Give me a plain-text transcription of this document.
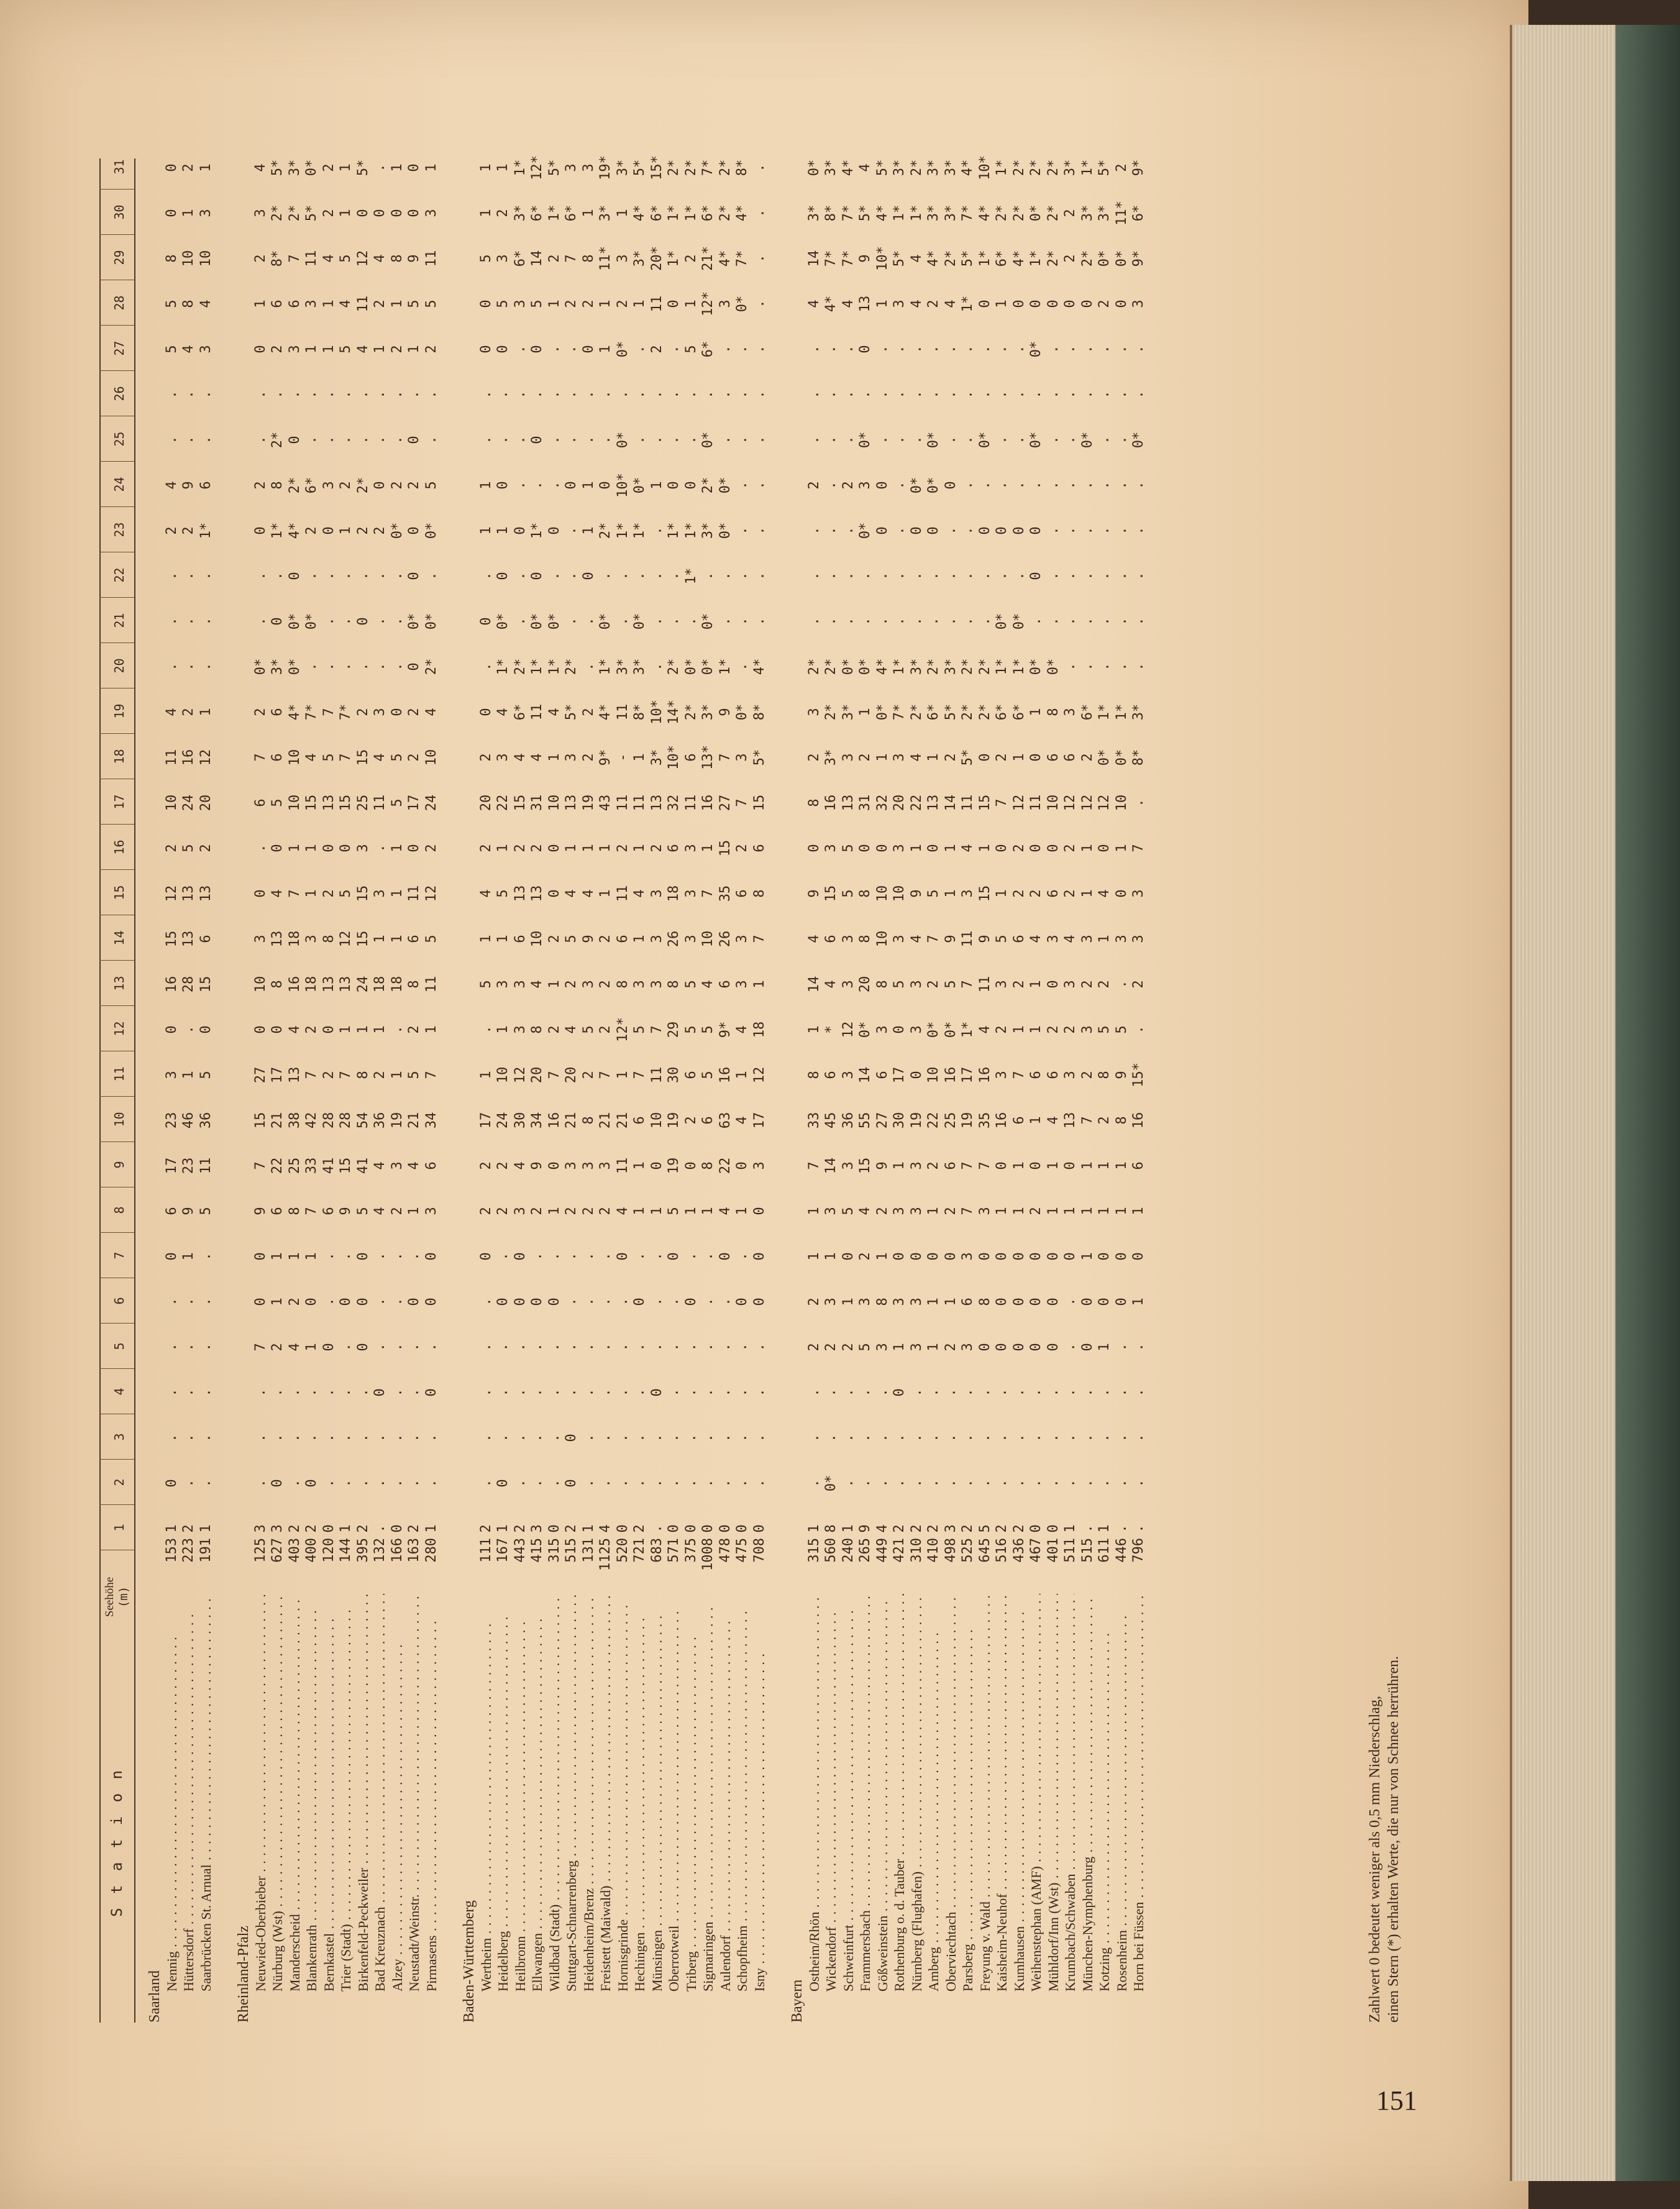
S t a t i o n
Seehöhe (m)
1
2
3
4
5
6
7
8
9
10
11
12
13
14
15
16
17
18
19
20
21
22
23
24
25
26
27
28
29
30
31
Saarland Nennig . . .
153
1
0
.
.
.
.
0
6
17
23
3
0
16
15
12
2
10
11
4
.
.
.
2
4
.
.
5
5
8
0
0
Hüttersdorf . . .
223
2
.
.
.
.
.
1
9
23
46
1
.
28
13
13
5
24
16
2
.
.
.
2
9
.
.
4
8
10
1
2
Saarbrücken St. Arnual . . .
191
1
.
.
.
.
.
.
5
11
36
5
0
15
6
13
2
20
12
1
.
.
.
1*
6
.
.
3
4
10
3
1
Rheinland-Pfalz Neuwied-Oberbieber . . .
125
3
.
.
.
7
0
0
9
7
15
27
0
10
3
0
.
6
7
2
0*
.
.
0
2
.
.
0
1
2
3
4
Nürburg (Wst) . . .
627
3
0
.
.
2
1
1
6
22
21
17
0
8
13
4
0
5
6
6
3*
0
.
1*
8
2*
.
2
6
8*
2*
5*
Manderscheid . . .
403
2
.
.
.
4
2
1
8
25
38
13
4
16
18
7
1
10
10
4*
0*
0*
0
4*
2*
0
.
3
6
7
2*
3*
Blankenrath . . .
400
2
0
.
.
1
0
1
7
33
42
7
2
18
3
1
1
15
4
7*
.
0*
.
2
6*
.
.
1
3
11
5*
0*
Bernkastel . . .
120
0
.
.
.
0
.
.
6
41
28
2
0
13
8
2
0
13
5
7
.
.
.
0
3
.
.
1
1
4
2
2
Trier (Stadt) . . .
144
1
.
.
.
.
0
.
9
15
28
7
1
13
12
5
0
15
7
7*
.
.
.
1
2
.
.
5
4
5
1
1
Birkenfeld-Peckweiler . . .
395
2
.
.
.
0
0
0
5
41
54
8
1
24
15
15
3
25
15
2
.
0
.
2
2*
.
.
4
11
12
0
5*
Bad Kreuznach . . .
132
.
.
.
0
.
.
.
4
4
36
2
1
18
1
3
.
11
4
3
.
.
.
2
0
.
.
1
2
4
0
.
Alzey . . .
166
0
.
.
.
.
.
.
2
3
19
1
.
18
1
1
1
5
5
0
.
.
.
0*
2
.
.
2
1
8
0
1
Neustadt/Weinstr. . . .
163
2
.
.
.
.
0
.
1
4
21
5
2
8
6
11
0
17
2
2
0
0*
0
0
2
0
.
1
5
9
0
0
Pirmasens . . .
280
1
.
.
0
.
0
0
3
6
34
7
1
11
5
12
2
24
10
4
2*
0*
.
0*
5
.
.
2
5
11
3
1
Baden-Württemberg Wertheim . . .
111
2
.
.
.
.
.
0
2
2
17
1
.
5
1
4
2
20
2
0
.
0
.
1
1
.
.
0
0
5
1
1
Heidelberg . . .
167
1
0
.
.
.
0
.
2
2
24
10
1
3
1
5
1
22
3
4
1*
0*
0
1
0
.
.
0
5
3
2
1
Heilbronn . . .
443
2
.
.
.
.
0
0
3
4
30
12
3
3
6
13
2
15
4
6*
2*
.
.
0
.
.
.
.
3
6*
3*
1*
Ellwangen . . .
415
3
.
.
.
.
0
.
2
9
34
20
8
4
10
13
2
31
4
11
1*
0*
0
1*
.
0
.
0
5
14
6*
12*
Wildbad (Stadt) . . .
315
0
.
.
.
.
0
.
1
0
16
7
2
1
2
0
0
10
1
4
1*
0*
.
0
.
.
.
.
1
2
1*
5*
Stuttgart-Schnarrenberg . . .
515
2
0
0
.
.
.
.
2
3
21
20
4
2
5
4
1
13
3
5*
2*
.
.
.
0
.
.
.
2
7
6*
3
Heidenheim/Brenz . . .
131
1
.
.
.
.
.
.
2
3
8
2
5
3
9
4
1
19
2
2
.
.
0
1
1
.
.
0
2
8
1
3
Freistett (Maiwald) . . .
1125
4
.
.
.
.
.
.
2
3
21
7
2
2
2
1
1
43
9*
4*
1*
0*
.
2*
0
.
.
1
1
11*
3*
19*
Hornisgrinde . . .
520
0
.
.
.
.
.
0
4
11
21
1
12*
8
6
11
2
11
-
11
3*
.
.
1*
10*
0*
.
0*
2
3
1
3*
Hechingen . . .
721
2
.
.
.
.
0
.
1
1
6
7
5
3
1
4
1
11
1
8*
3*
0*
.
1*
0*
.
.
.
1
3*
4*
5*
Münsingen . . .
683
.
.
.
0
.
.
.
1
0
10
11
7
3
3
3
2
13
3*
10*
.
.
.
.
1
.
.
2
11
20*
6*
15*
Oberrotweil . . .
571
0
.
.
.
.
.
0
5
19
19
30
29
8
26
18
6
32
10*
14*
2*
.
.
1*
0
.
.
.
0
1*
1*
2*
Triberg . . .
375
0
.
.
.
.
0
.
1
0
2
6
5
5
3
3
3
11
6
2*
0*
.
1*
1*
0
.
.
5
1
2
1*
2*
Sigmaringen . . .
1008
0
.
.
.
.
.
.
1
8
6
5
5
4
10
7
1
16
13*
3*
0*
0*
.
3*
2*
0*
.
6*
12*
21*
6*
7*
Aulendorf . . .
478
0
.
.
.
.
.
0
4
22
63
16
9*
6
26
35
15
27
7
9
1*
.
.
0*
0*
.
.
.
3
4*
2*
2*
Schopfheim . . .
475
0
.
.
.
.
0
.
1
0
4
1
4
3
3
6
2
7
3
0*
.
.
.
.
.
.
.
.
0*
7*
4*
8*
Isny . . .
708
0
.
.
.
.
0
0
0
3
17
12
18
1
7
8
6
15
5*
8*
4*
.
.
.
.
.
.
.
.
.
.
.
Bayern
Ostheim/Rhön . . .
315
1
.
.
.
2
2
1
1
7
33
8
1
14
4
9
0
8
2
3
2*
.
.
.
2
.
.
.
4
14
3*
0*
Wickendorf . . .
560
8
0*
.
.
2
3
1
3
14
45
6
*
4
6
15
3
16
3*
2*
2*
.
.
.
.
.
.
.
4*
7*
8*
3*
Schweinfurt . . .
240
1
.
.
.
2
1
0
5
3
36
3
12
3
3
5
5
13
3
3*
0*
.
.
.
2
.
.
.
4
7*
7*
4*
Frammersbach . . .
265
9
.
.
.
5
3
2
4
15
55
14
0*
20
8
8
0
31
2
1
0*
.
.
0*
3
0*
.
0
13
9
5*
4
Gößweinstein . . .
449
4
.
.
.
3
8
1
2
9
27
6
3
8
10
10
0
32
1
0*
4*
.
.
0
0
.
.
.
1
10*
4*
5*
Rothenburg o. d. Tauber . . .
421
2
.
.
0
1
3
0
3
1
30
17
0
5
3
10
3
20
3
7*
1*
.
.
.
.
.
.
.
3
5*
1*
3*
Nürnberg (Flughafen) . . .
310
2
.
.
.
3
3
0
3
3
19
0
3
3
4
9
1
22
4
2*
3*
.
.
0
0*
.
.
.
4
4
1*
2*
Amberg . . .
410
2
.
.
.
1
1
0
1
2
22
10
0*
2
7
5
0
13
1
6*
2*
.
.
0
0*
0*
.
.
2
4*
3*
3*
Oberviechtach . . .
498
3
.
.
.
2
1
0
2
6
25
16
0*
5
9
1
1
14
2
5*
3*
.
.
.
0
.
.
.
4
2*
3*
3*
Parsberg . . .
525
2
.
.
.
3
6
3
7
7
19
17
1*
7
11
3
4
11
5*
2*
2*
.
.
.
.
.
.
.
1*
5*
7*
4*
Freyung v. Wald . . .
645
5
.
.
.
0
8
0
3
7
35
16
4
11
9
15
1
15
0
2*
2*
.
.
0
.
0*
.
.
0
1*
4*
10*
Kaisheim-Neuhof . . .
516
2
.
.
.
0
0
0
1
0
16
3
2
3
5
1
0
7
2
6*
1*
0*
.
0
.
.
.
.
1
6*
2*
1*
Kumhausen . . .
436
2
.
.
.
0
0
0
1
1
6
7
1
2
6
2
2
12
1
6*
1*
0*
.
0
.
.
.
.
0
4*
2*
2*
Weihenstephan (AMF) . . .
467
0
.
.
.
0
0
0
2
0
1
6
1
1
4
2
0
11
0
1
0*
.
0
0
.
0*
.
0*
0
1*
0*
2*
Mühldorf/Inn (Wst) . . .
401
0
.
.
.
0
0
0
1
1
4
6
2
0
3
6
0
10
6
8
0*
.
.
.
.
.
.
.
0
2*
2*
2*
Krumbach/Schwaben . . .
511
1
.
.
.
.
.
0
1
0
13
3
2
3
4
2
2
12
6
3
.
.
.
.
.
.
.
.
0
2
2
3*
München-Nymphenburg . . .
515
.
.
.
.
0
0
1
1
1
7
2
3
2
3
1
1
12
2
6*
.
.
.
.
.
0*
.
.
0
2*
3*
1*
Kotzing . . .
611
1
.
.
.
1
0
0
1
1
2
8
5
2
1
4
0
12
0*
1*
.
.
.
.
.
.
.
.
2
0*
3*
5*
Rosenheim . . .
446
.
.
.
.
.
0
0
1
1
8
9
5
.
3
0
1
10
0*
1*
.
.
.
.
.
.
.
.
0
0*
11*
2
Horn bei Füssen . . .
796
.
.
.
.
.
1
0
1
6
16
15*
.
2
3
3
7
.
8*
3*
.
.
.
.
.
0*
.
.
3
9*
6*
9*
Zahlwert 0 bedeutet weniger als 0,5 mm Niederschlag, einen Stern (*) erhalten Werte, die nur von Schnee herrühren.
151
